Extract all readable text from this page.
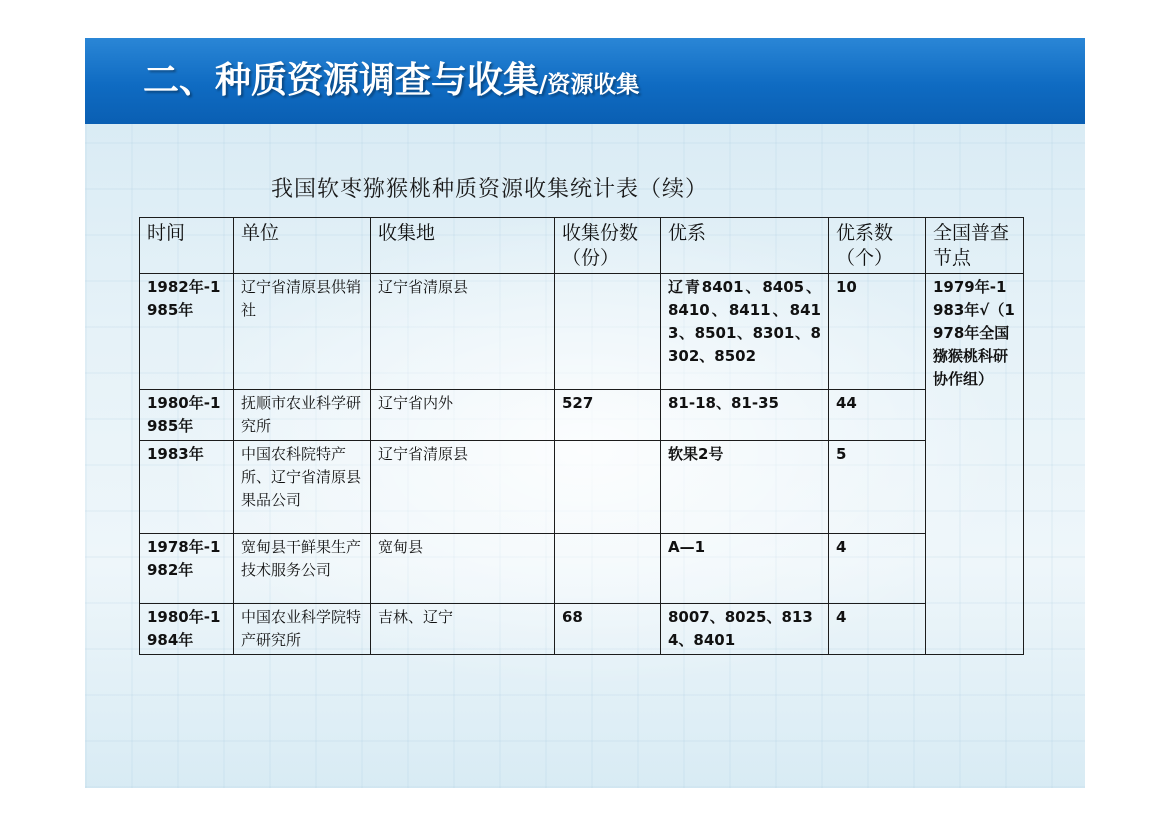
二、种质资源调查与收集/资源收集
我国软枣猕猴桃种质资源收集统计表（续）
时间	单位	收集地	收集份数（份）	优系	优系数（个）	全国普查节点
1982年-1985年	辽宁省清原县供销社	辽宁省清原县		辽青8401、8405、8410、8411、8413、8501、8301、8302、8502	10	1979年-1983年√（1978年全国猕猴桃科研协作组）
1980年-1985年	抚顺市农业科学研究所	辽宁省内外	527	81-18、81-35	44	
1983年	中国农科院特产所、辽宁省清原县果品公司	辽宁省清原县		软果2号	5	
1978年-1982年	宽甸县干鲜果生产技术服务公司	宽甸县		A—1	4	
1980年-1984年	中国农业科学院特产研究所	吉林、辽宁	68	8007、8025、8134、8401	4	
